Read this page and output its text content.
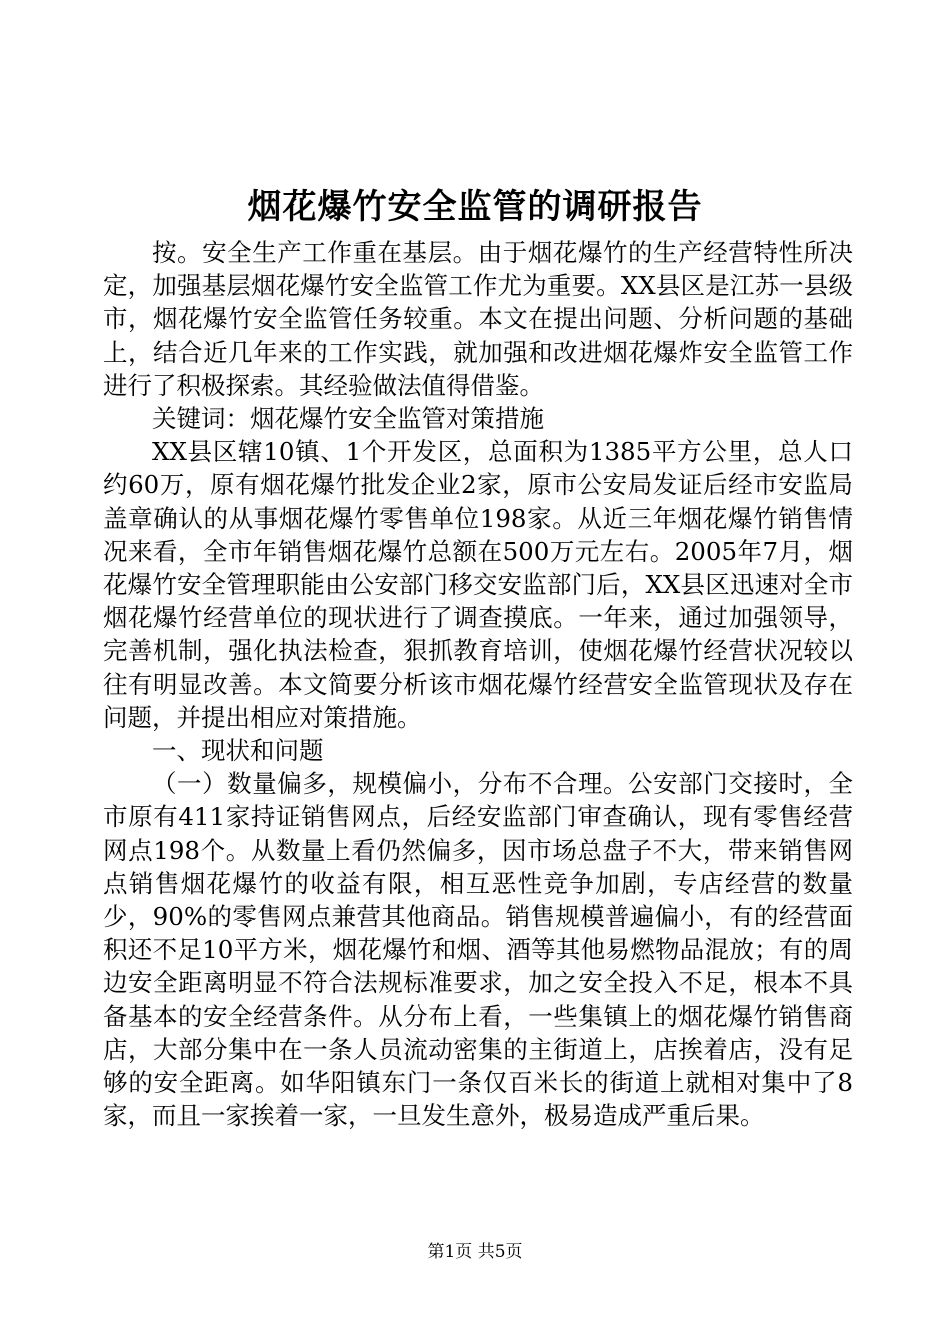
烟花爆竹安全监管的调研报告

按。安全生产工作重在基层。由于烟花爆竹的生产经营特性所决定，加强基层烟花爆竹安全监管工作尤为重要。XX县区是江苏一县级市，烟花爆竹安全监管任务较重。本文在提出问题、分析问题的基础上，结合近几年来的工作实践，就加强和改进烟花爆炸安全监管工作进行了积极探索。其经验做法值得借鉴。

关键词：烟花爆竹安全监管对策措施

XX县区辖10镇、1个开发区，总面积为1385平方公里，总人口约60万，原有烟花爆竹批发企业2家，原市公安局发证后经市安监局盖章确认的从事烟花爆竹零售单位198家。从近三年烟花爆竹销售情况来看，全市年销售烟花爆竹总额在500万元左右。2005年7月，烟花爆竹安全管理职能由公安部门移交安监部门后，XX县区迅速对全市烟花爆竹经营单位的现状进行了调查摸底。一年来，通过加强领导，完善机制，强化执法检查，狠抓教育培训，使烟花爆竹经营状况较以往有明显改善。本文简要分析该市烟花爆竹经营安全监管现状及存在问题，并提出相应对策措施。

一、现状和问题

（一）数量偏多，规模偏小，分布不合理。公安部门交接时，全市原有411家持证销售网点，后经安监部门审查确认，现有零售经营网点198个。从数量上看仍然偏多，因市场总盘子不大，带来销售网点销售烟花爆竹的收益有限，相互恶性竞争加剧，专店经营的数量少，90%的零售网点兼营其他商品。销售规模普遍偏小，有的经营面积还不足10平方米，烟花爆竹和烟、酒等其他易燃物品混放；有的周边安全距离明显不符合法规标准要求，加之安全投入不足，根本不具备基本的安全经营条件。从分布上看，一些集镇上的烟花爆竹销售商店，大部分集中在一条人员流动密集的主街道上，店挨着店，没有足够的安全距离。如华阳镇东门一条仅百米长的街道上就相对集中了8家，而且一家挨着一家，一旦发生意外，极易造成严重后果。

第1页 共5页
